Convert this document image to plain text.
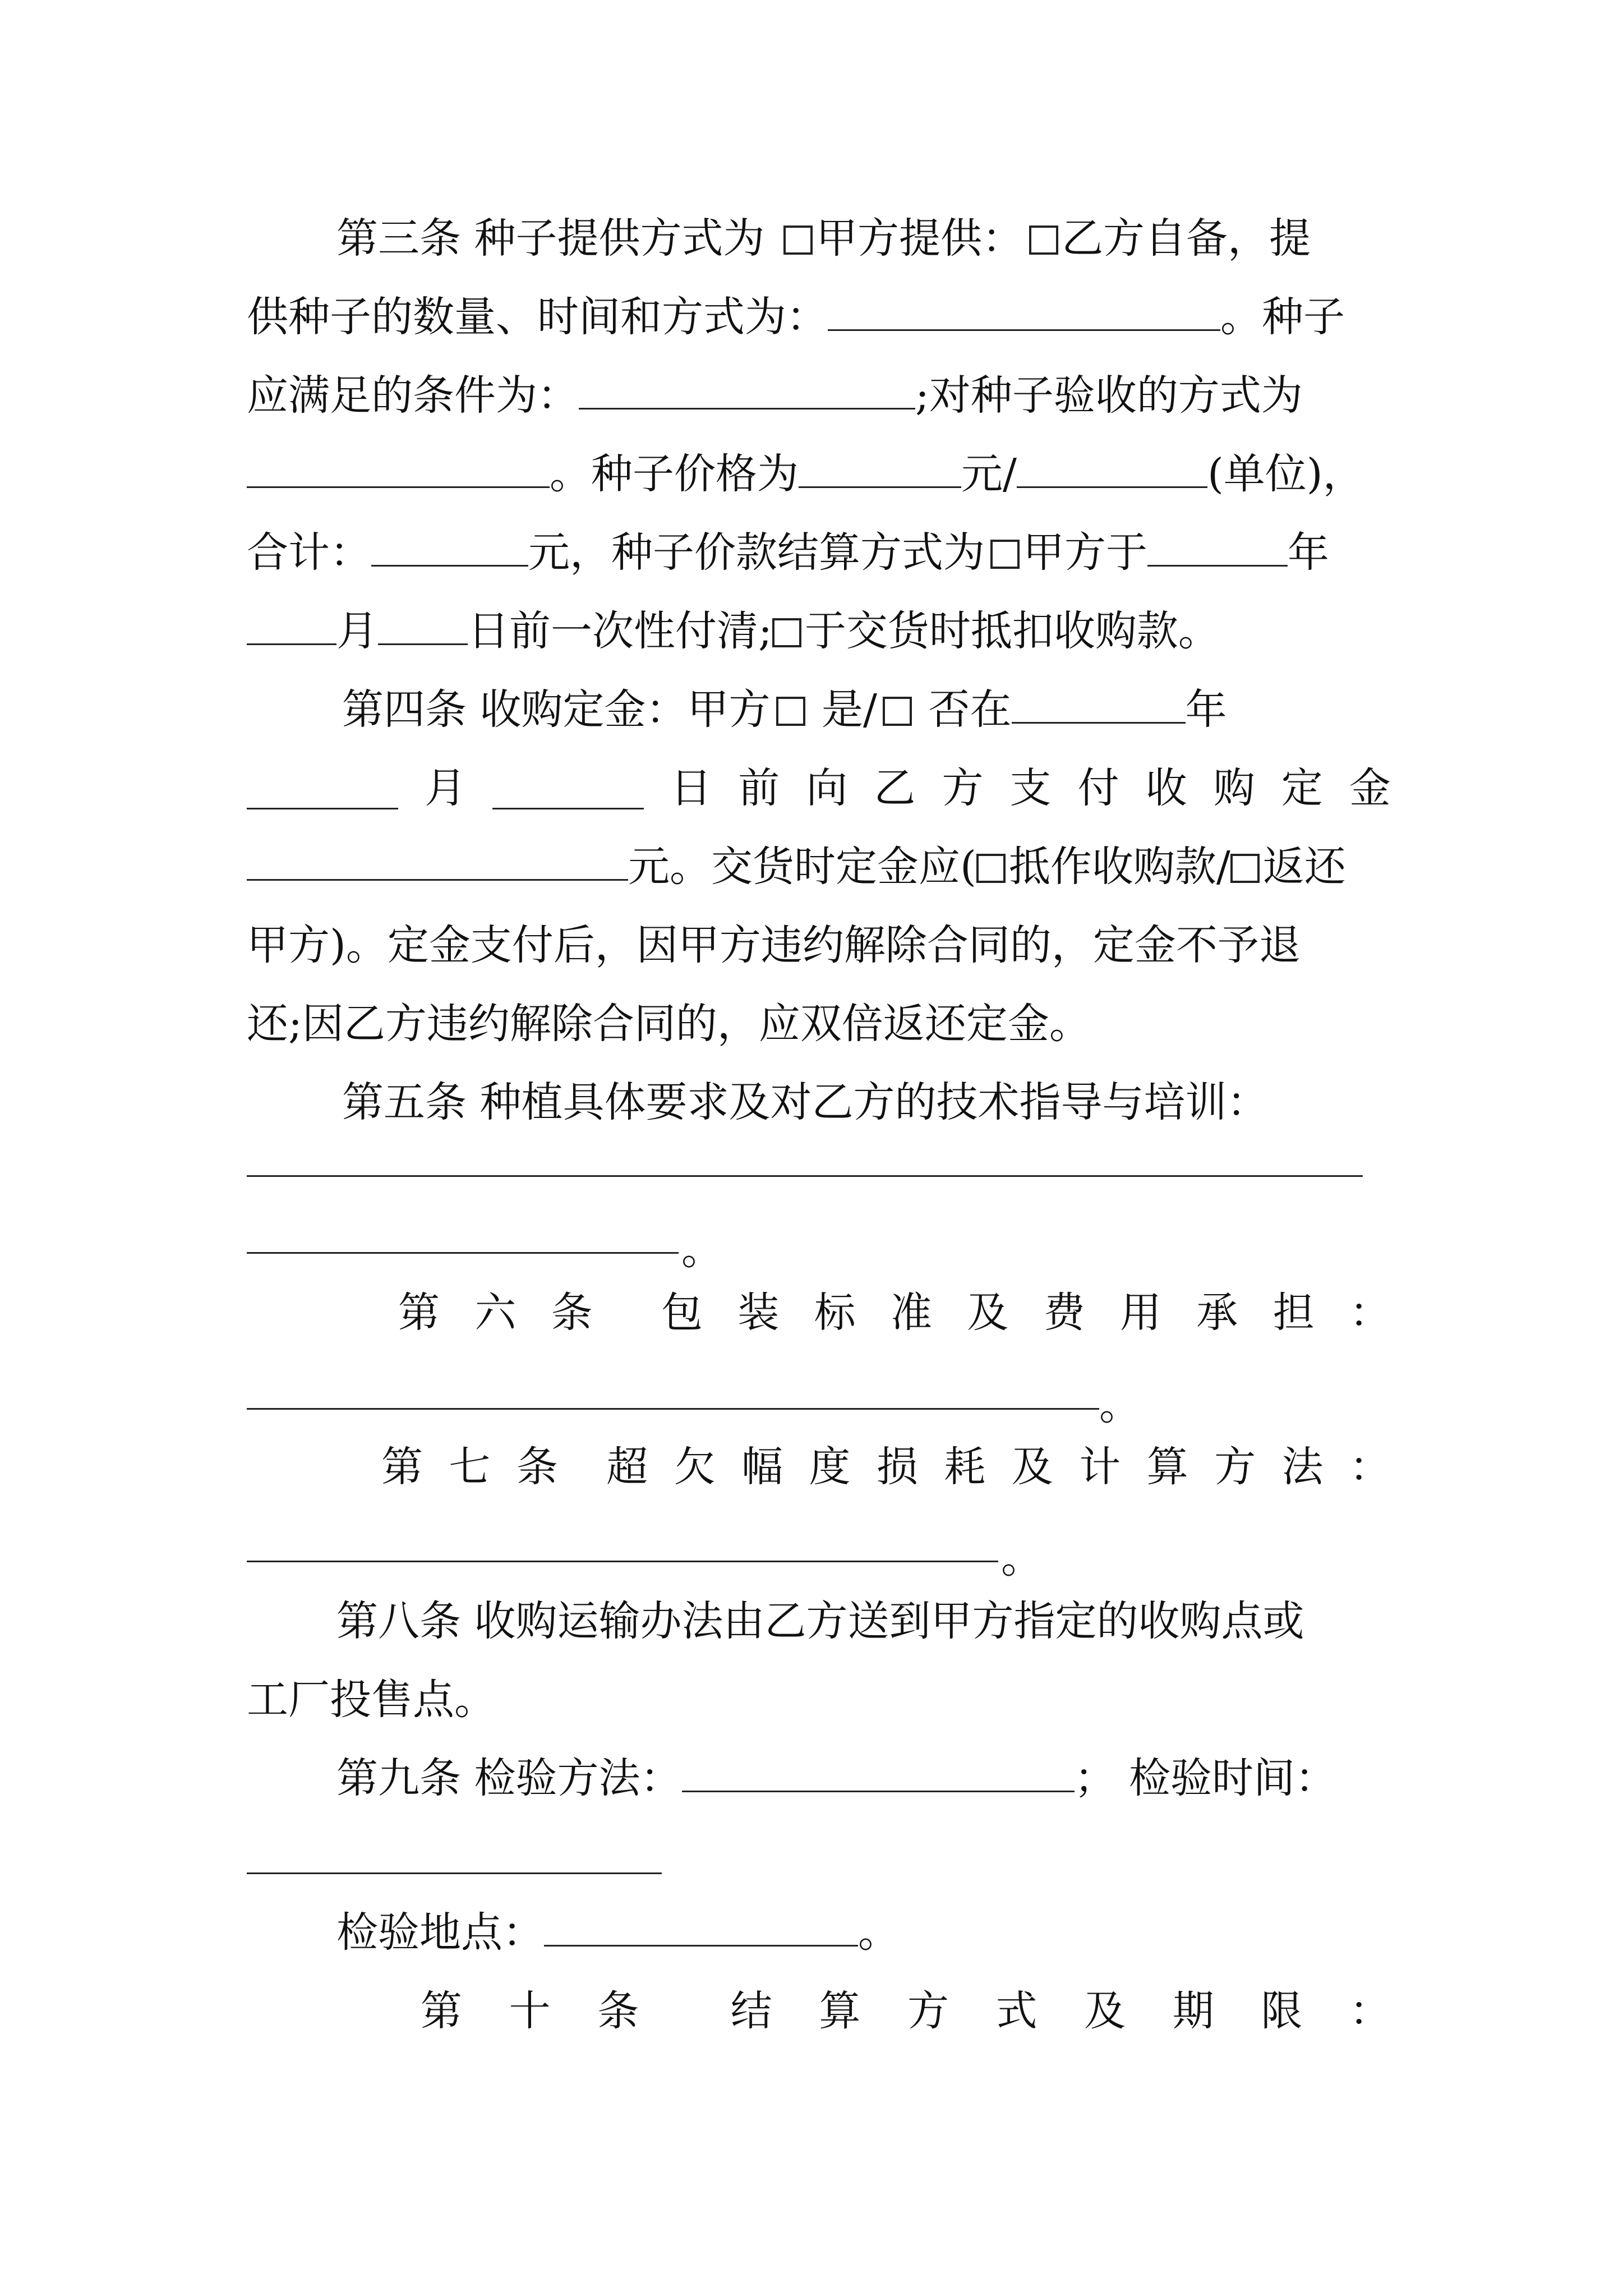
第三条 种子提供方式为 甲方提供： 乙方自备，提
供种子的数量、时间和方式为：	。种子
应满足的条件为：	;对种子验收的方式为
。种子价格为	元/	(单位)，
合计：	元，种子价款结算方式为 甲方于	年
月 日前一次性付清; 于交货时抵扣收购款。
第四条 收购定金：甲方 是/ 否在	年
月	日 前 向 乙 方 支 付 收 购 定 金
元。交货时定金应( 抵作收购款/ 返还
甲方)。定金支付后，因甲方违约解除合同的，定金不予退
还;因乙方违约解除合同的，应双倍返还定金。
第五条 种植具体要求及对乙方的技术指导与培训：
。
第 六 条 包 装 标 准 及 费 用 承 担 ：
。
第 七 条 超 欠 幅 度 损 耗 及 计 算 方 法 ：
。
第八条 收购运输办法由乙方送到甲方指定的收购点或
工厂投售点。
第九条 检验方法：	； 检验时间：
检验地点：	。
第 十 条 结 算 方 式 及 期 限 ：
